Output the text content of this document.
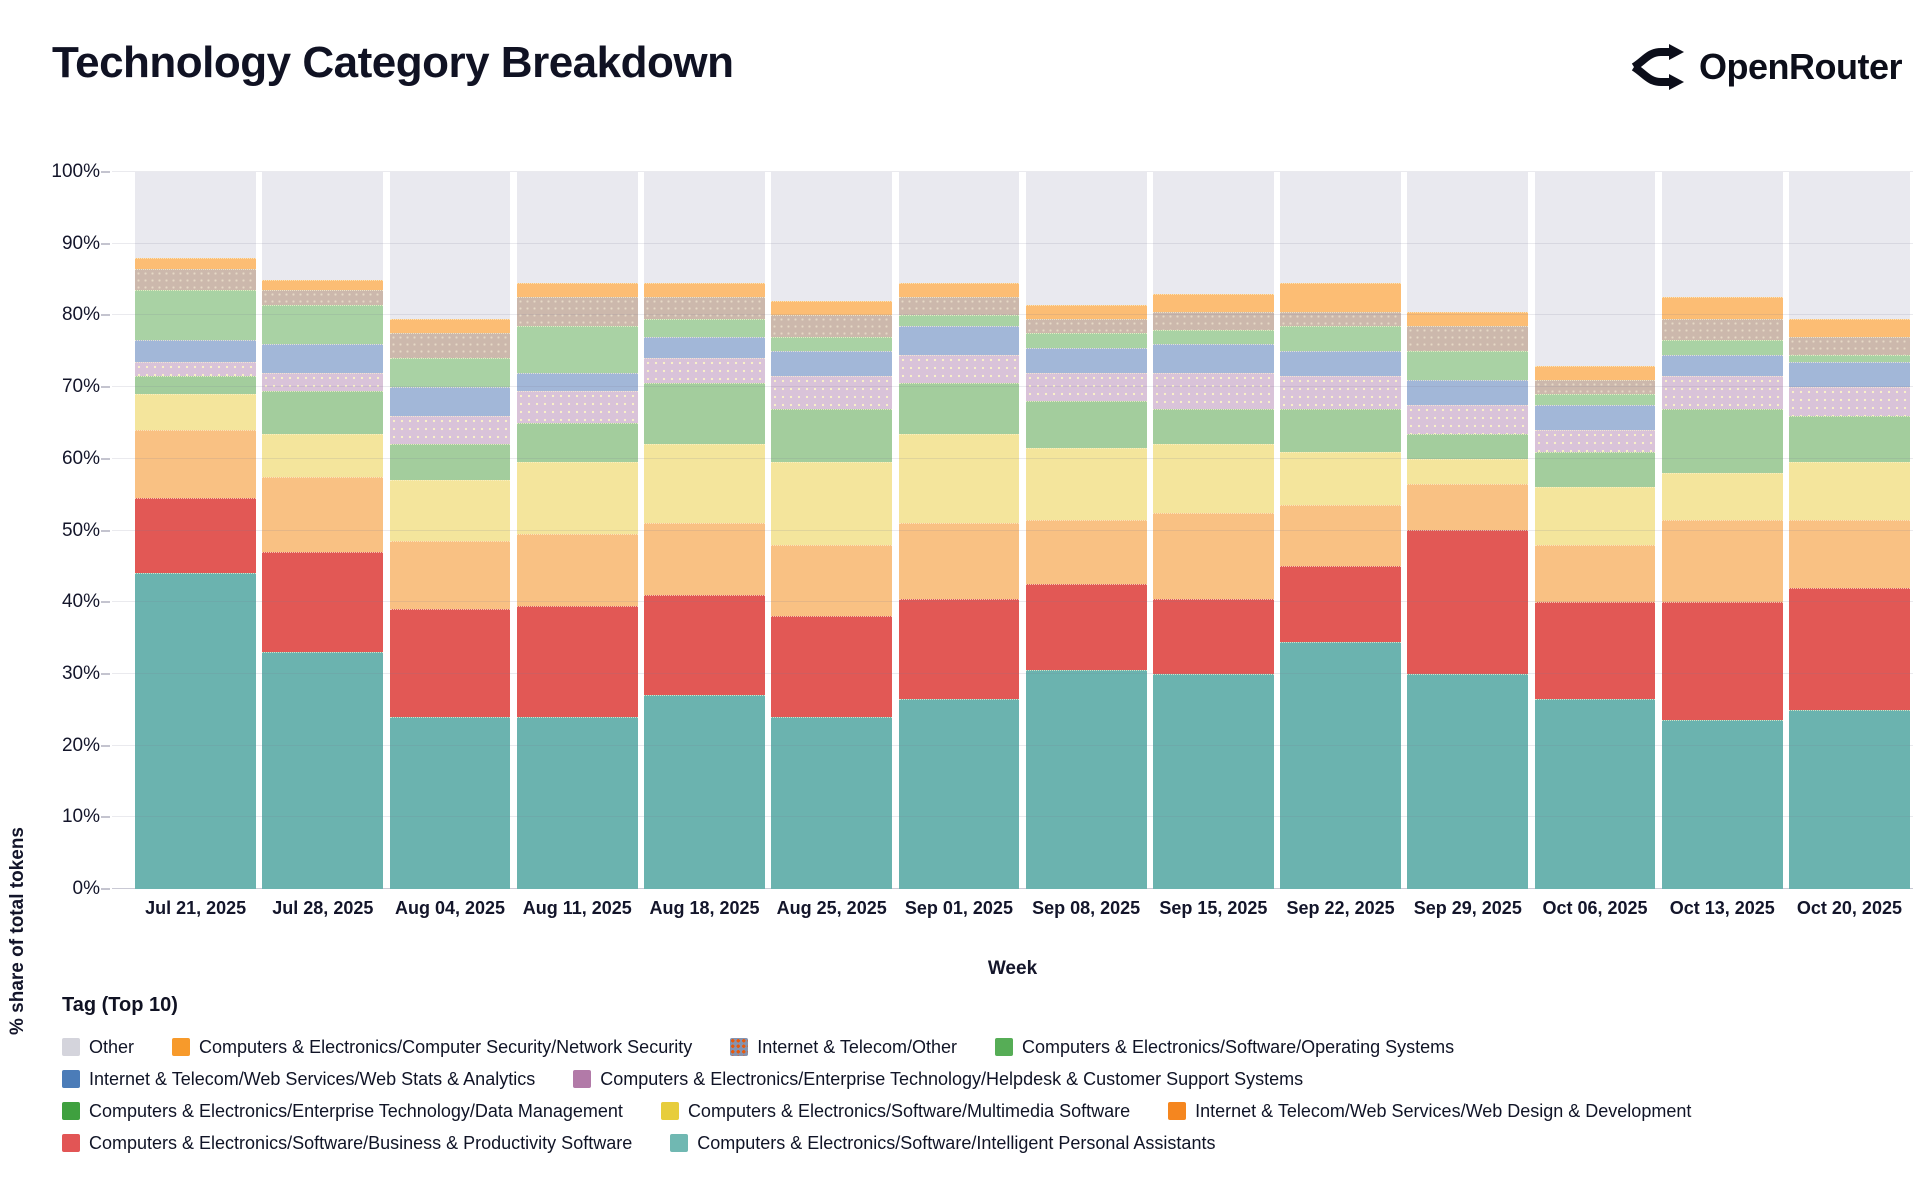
Technology Category Breakdown	OpenRouter
% share of total tokens 0%
10%
20%
30%
40%
50%
60%
70%
80%
90%
100%
Jul 21, 2025	Jul 28, 2025	Aug 04, 2025 Aug 11, 2025 Aug 18, 2025 Aug 25, 2025	Sep 01, 2025	Sep 08, 2025	Sep 15, 2025	Sep 22, 2025	Sep 29, 2025	Oct 06, 2025	Oct 13, 2025	Oct 20, 2025
Week

Tag (Top 10)

Other	Computers & Electronics/Computer Security/Network Security	Internet & Telecom/Other	Computers & Electronics/Software/Operating Systems
Internet & Telecom/Web Services/Web Stats & Analytics	Computers & Electronics/Enterprise Technology/Helpdesk & Customer Support Systems
Computers & Electronics/Enterprise Technology/Data Management	Computers & Electronics/Software/Multimedia Software	Internet & Telecom/Web Services/Web Design & Development
Computers & Electronics/Software/Business & Productivity Software	Computers & Electronics/Software/Intelligent Personal Assistants
